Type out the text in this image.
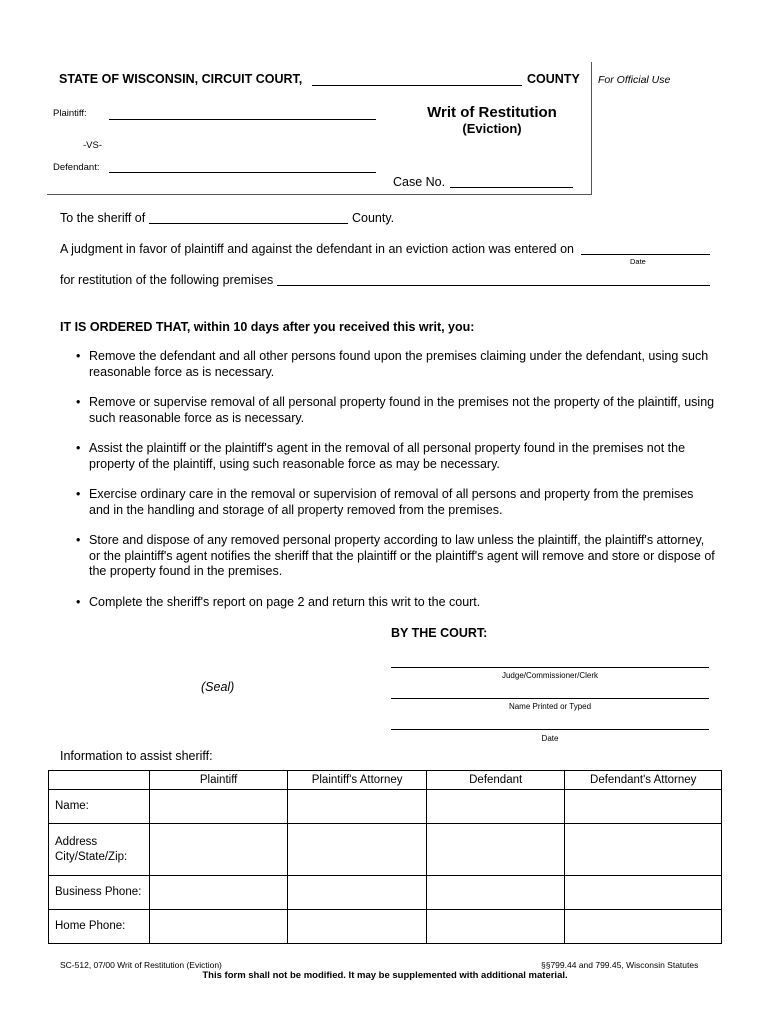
STATE OF WISCONSIN, CIRCUIT COURT,	COUNTY For Official Use
Plaintiff:
-VS-
Defendant:
Writ of Restitution
(Eviction)
Case No.
To the sheriff of	County.
A judgment in favor of plaintiff and against the defendant in an eviction action was entered on
Date
for restitution of the following premises
IT IS ORDERED THAT, within 10 days after you received this writ, you:
• Remove the defendant and all other persons found upon the premises claiming under the defendant, using such reasonable force as is necessary.
• Remove or supervise removal of all personal property found in the premises not the property of the plaintiff, using such reasonable force as is necessary.
• Assist the plaintiff or the plaintiff's agent in the removal of all personal property found in the premises not the property of the plaintiff, using such reasonable force as may be necessary.
• Exercise ordinary care in the removal or supervision of removal of all persons and property from the premises and in the handling and storage of all property removed from the premises.
• Store and dispose of any removed personal property according to law unless the plaintiff, the plaintiff's attorney, or the plaintiff's agent notifies the sheriff that the plaintiff or the plaintiff's agent will remove and store or dispose of the property found in the premises.
• Complete the sheriff's report on page 2 and return this writ to the court.
BY THE COURT:
Judge/Commissioner/Clerk
(Seal)
Name Printed or Typed
Date
Information to assist sheriff:
	Plaintiff	Plaintiff's Attorney	Defendant	Defendant's Attorney
Name:				
Address
City/State/Zip:				
Business Phone:				
Home Phone:				
SC-512, 07/00 Writ of Restitution (Eviction)	§§799.44 and 799.45, Wisconsin Statutes
This form shall not be modified. It may be supplemented with additional material.
